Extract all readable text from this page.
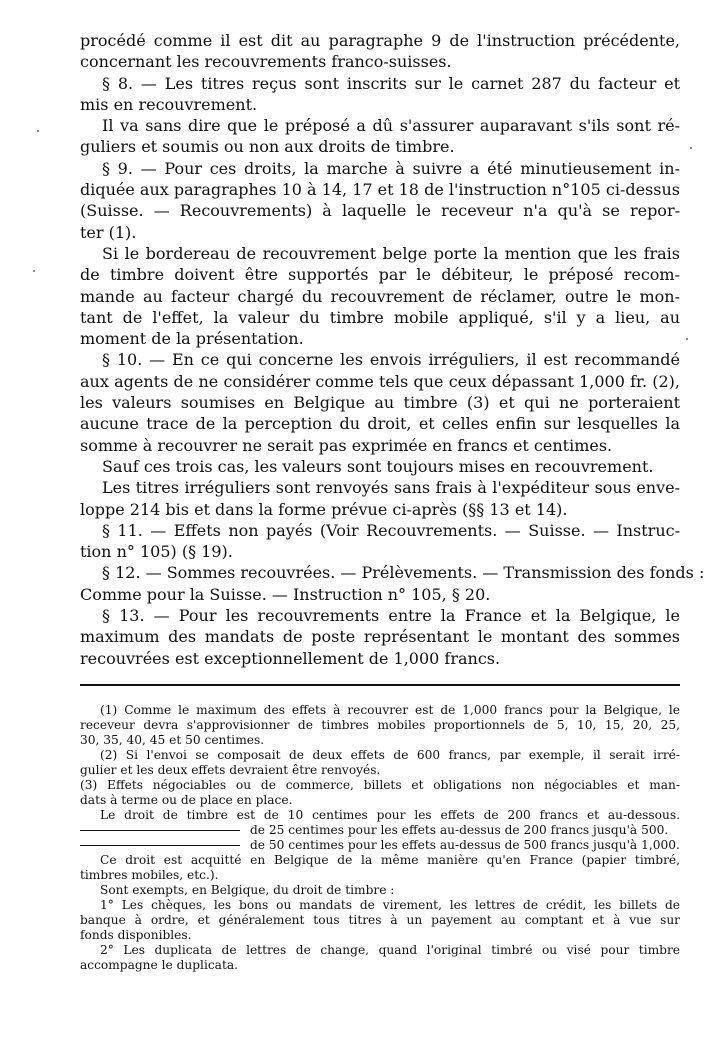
procédé comme il est dit au paragraphe 9 de l'instruction précédente,
concernant les recouvrements franco-suisses.
§ 8. — Les titres reçus sont inscrits sur le carnet 287 du facteur et
mis en recouvrement.
Il va sans dire que le préposé a dû s'assurer auparavant s'ils sont ré-
guliers et soumis ou non aux droits de timbre.
§ 9. — Pour ces droits, la marche à suivre a été minutieusement in-
diquée aux paragraphes 10 à 14, 17 et 18 de l'instruction n°105 ci-dessus
(Suisse. — Recouvrements) à laquelle le receveur n'a qu'à se repor-
ter (1).
Si le bordereau de recouvrement belge porte la mention que les frais
de timbre doivent être supportés par le débiteur, le préposé recom-
mande au facteur chargé du recouvrement de réclamer, outre le mon-
tant de l'effet, la valeur du timbre mobile appliqué, s'il y a lieu, au
moment de la présentation.
§ 10. — En ce qui concerne les envois irréguliers, il est recommandé
aux agents de ne considérer comme tels que ceux dépassant 1,000 fr. (2),
les valeurs soumises en Belgique au timbre (3) et qui ne porteraient
aucune trace de la perception du droit, et celles enfin sur lesquelles la
somme à recouvrer ne serait pas exprimée en francs et centimes.
Sauf ces trois cas, les valeurs sont toujours mises en recouvrement.
Les titres irréguliers sont renvoyés sans frais à l'expéditeur sous enve-
loppe 214 bis et dans la forme prévue ci-après (§§ 13 et 14).
§ 11. — Effets non payés (Voir Recouvrements. — Suisse. — Instruc-
tion n° 105) (§ 19).
§ 12. — Sommes recouvrées. — Prélèvements. — Transmission des fonds :
Comme pour la Suisse. — Instruction n° 105, § 20.
§ 13. — Pour les recouvrements entre la France et la Belgique, le
maximum des mandats de poste représentant le montant des sommes
recouvrées est exceptionnellement de 1,000 francs.
(1) Comme le maximum des effets à recouvrer est de 1,000 francs pour la Belgique, le
receveur devra s'approvisionner de timbres mobiles proportionnels de 5, 10, 15, 20, 25,
30, 35, 40, 45 et 50 centimes.
(2) Si l'envoi se composait de deux effets de 600 francs, par exemple, il serait irré-
gulier et les deux effets devraient être renvoyés.
(3) Effets négociables ou de commerce, billets et obligations non négociables et man-
dats à terme ou de place en place.
Le droit de timbre est de 10 centimes pour les effets de 200 francs et au-dessous.
de 25 centimes pour les effets au-dessus de 200 francs jusqu'à 500.
de 50 centimes pour les effets au-dessus de 500 francs jusqu'à 1,000.
Ce droit est acquitté en Belgique de la même manière qu'en France (papier timbré,
timbres mobiles, etc.).
Sont exempts, en Belgique, du droit de timbre :
1° Les chèques, les bons ou mandats de virement, les lettres de crédit, les billets de
banque à ordre, et généralement tous titres à un payement au comptant et à vue sur
fonds disponibles.
2° Les duplicata de lettres de change, quand l'original timbré ou visé pour timbre
accompagne le duplicata.
